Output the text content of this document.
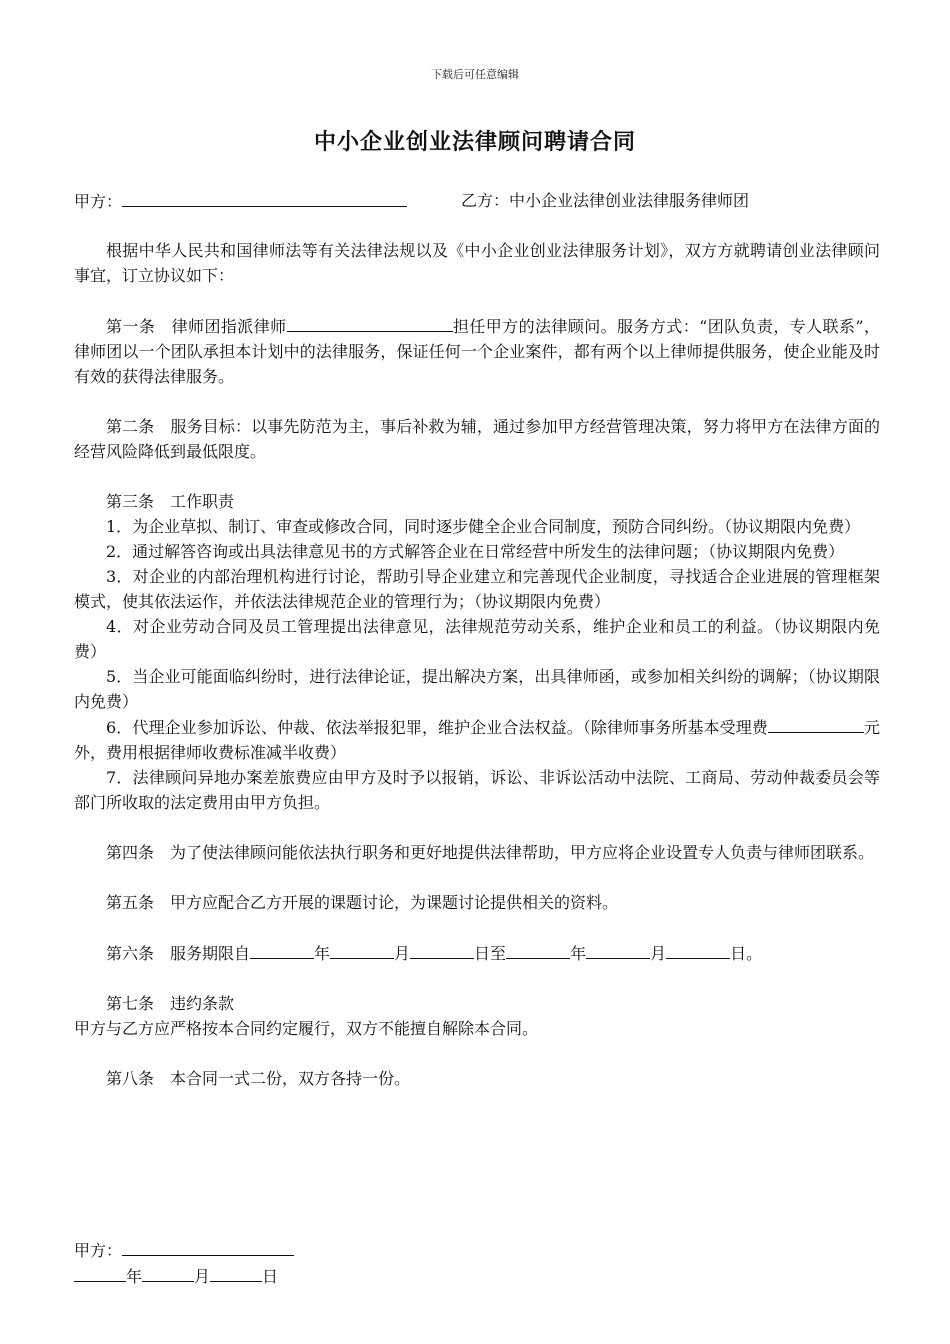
下载后可任意编辑
中小企业创业法律顾问聘请合同
甲方：	乙方：中小企业法律创业法律服务律师团

根据中华人民共和国律师法等有关法律法规以及《中小企业创业法律服务计划》，双方方就聘请创业法律顾问事宜，订立协议如下：

第一条　律师团指派律师	担任甲方的法律顾问。服务方式：“团队负责，专人联系”，律师团以一个团队承担本计划中的法律服务，保证任何一个企业案件，都有两个以上律师提供服务，使企业能及时有效的获得法律服务。

第二条　服务目标：以事先防范为主，事后补救为辅，通过参加甲方经营管理决策，努力将甲方在法律方面的经营风险降低到最低限度。

第三条　工作职责

1．为企业草拟、制订、审查或修改合同，同时逐步健全企业合同制度，预防合同纠纷。（协议期限内免费）

2．通过解答咨询或出具法律意见书的方式解答企业在日常经营中所发生的法律问题；（协议期限内免费）

3．对企业的内部治理机构进行讨论，帮助引导企业建立和完善现代企业制度，寻找适合企业进展的管理框架模式，使其依法运作，并依法法律规范企业的管理行为；（协议期限内免费）

4．对企业劳动合同及员工管理提出法律意见，法律规范劳动关系，维护企业和员工的利益。（协议期限内免费）

5．当企业可能面临纠纷时，进行法律论证，提出解决方案，出具律师函，或参加相关纠纷的调解；（协议期限内免费）

6．代理企业参加诉讼、仲裁、依法举报犯罪，维护企业合法权益。（除律师事务所基本受理费	元外，费用根据律师收费标准减半收费）

7．法律顾问异地办案差旅费应由甲方及时予以报销，诉讼、非诉讼活动中法院、工商局、劳动仲裁委员会等部门所收取的法定费用由甲方负担。

第四条　为了使法律顾问能依法执行职务和更好地提供法律帮助，甲方应将企业设置专人负责与律师团联系。

第五条　甲方应配合乙方开展的课题讨论，为课题讨论提供相关的资料。

第六条　服务期限自	年	月	日至	年	月	日。

第七条　违约条款

甲方与乙方应严格按本合同约定履行，双方不能擅自解除本合同。

第八条　本合同一式二份，双方各持一份。

甲方：
年	月	日
